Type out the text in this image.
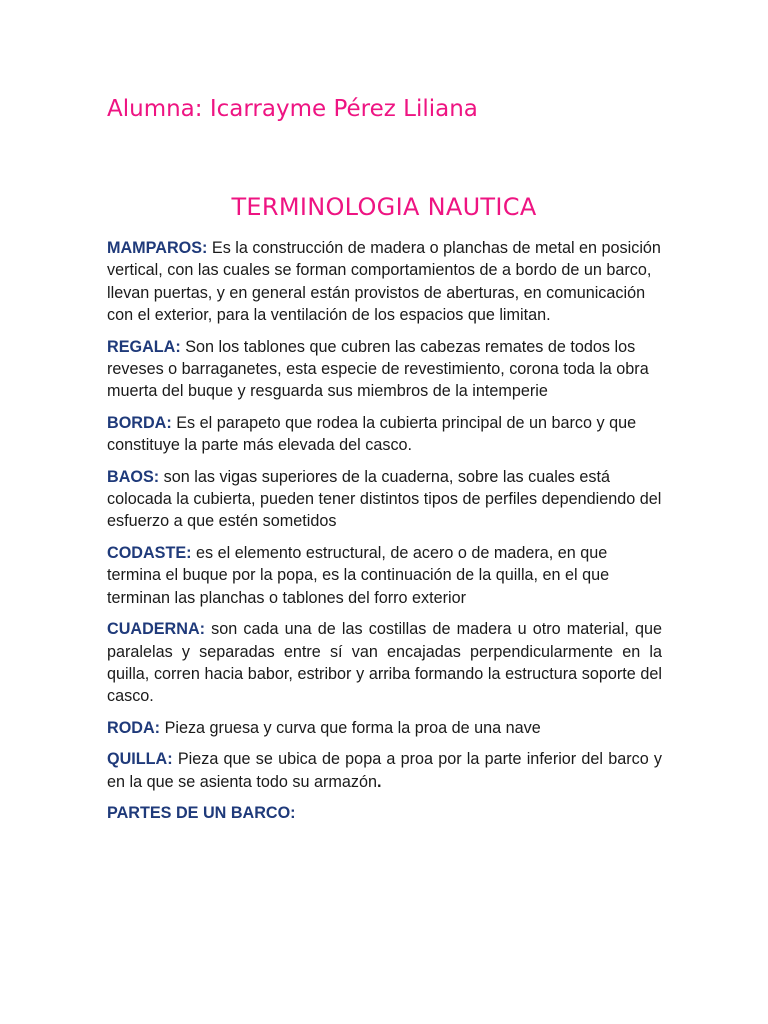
Alumna: Icarrayme Pérez Liliana

TERMINOLOGIA NAUTICA

MAMPAROS: Es la construcción de madera o planchas de metal en posición vertical, con las cuales se forman comportamientos de a bordo de un barco, llevan puertas, y en general están provistos de aberturas, en comunicación con el exterior, para la ventilación de los espacios que limitan.

REGALA: Son los tablones que cubren las cabezas remates de todos los reveses o barraganetes, esta especie de revestimiento, corona toda la obra muerta del buque y resguarda sus miembros de la intemperie

BORDA: Es el parapeto que rodea la cubierta principal de un barco y que constituye la parte más elevada del casco.

BAOS: son las vigas superiores de la cuaderna, sobre las cuales está colocada la cubierta, pueden tener distintos tipos de perfiles dependiendo del esfuerzo a que estén sometidos

CODASTE: es el elemento estructural, de acero o de madera, en que termina el buque por la popa, es la continuación de la quilla, en el que terminan las planchas o tablones del forro exterior

CUADERNA: son cada una de las costillas de madera u otro material, que paralelas y separadas entre sí van encajadas perpendicularmente en la quilla, corren hacia babor, estribor y arriba formando la estructura soporte del casco.

RODA: Pieza gruesa y curva que forma la proa de una nave

QUILLA: Pieza que se ubica de popa a proa por la parte inferior del barco y en la que se asienta todo su armazón.

PARTES DE UN BARCO:
